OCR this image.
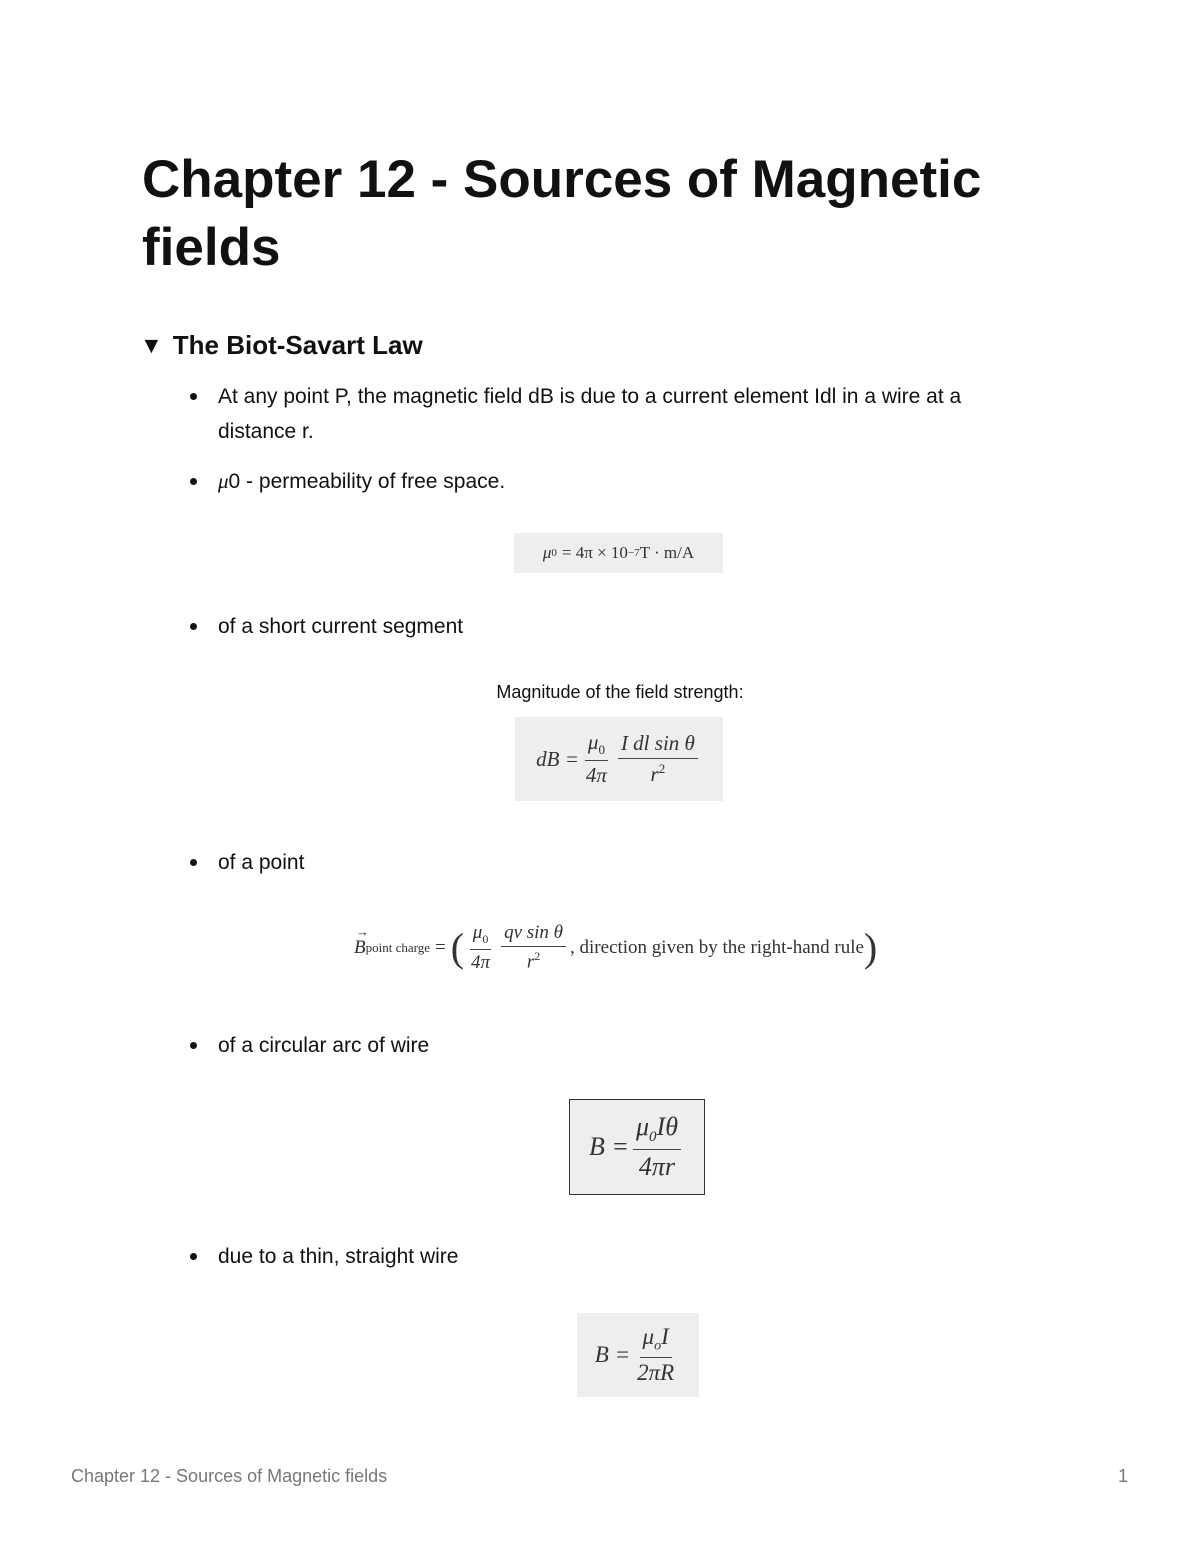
Chapter 12 - Sources of Magnetic fields
▼ The Biot-Savart Law
At any point P, the magnetic field dB is due to a current element Idl in a wire at a distance r.
μ0 - permeability of free space.
μ 0 = 4π × 10 −7 T · m/A
of a short current segment
Magnitude of the field strength:
dB = $\frac{\mu_0}{4\pi} \frac{\text{I dl sin θ}}{r^2}$
of a point
B
→
point charge = ( $\frac{\mu_0}{4\pi} \frac{\text{qv sin θ}}{r^2}$ , direction given by the right-hand rule )
of a circular arc of wire
$B = \frac{\mu_0I\theta}{4\pi r}$
due to a thin, straight wire
$B = \frac{\mu_oI}{2\pi R}$
Chapter 12 - Sources of Magnetic fields	1
